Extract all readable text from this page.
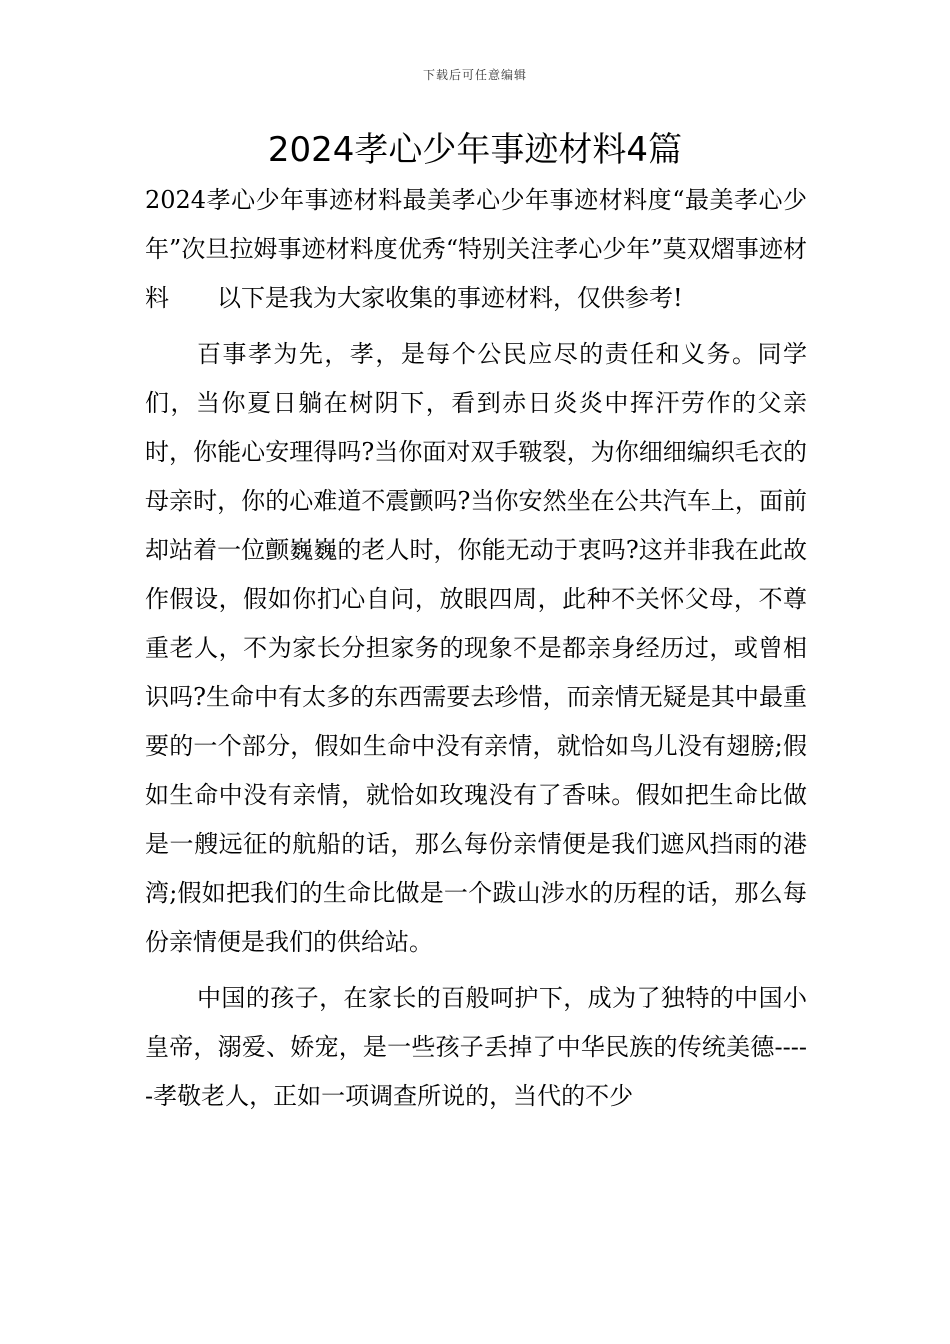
下载后可任意编辑
2024孝心少年事迹材料4篇

2024孝心少年事迹材料最美孝心少年事迹材料度“最美孝心少年”次旦拉姆事迹材料度优秀“特别关注孝心少年”莫双熠事迹材料　　以下是我为大家收集的事迹材料，仅供参考!

百事孝为先，孝，是每个公民应尽的责任和义务。同学们，当你夏日躺在树阴下，看到赤日炎炎中挥汗劳作的父亲时，你能心安理得吗?当你面对双手皲裂，为你细细编织毛衣的母亲时，你的心难道不震颤吗?当你安然坐在公共汽车上，面前却站着一位颤巍巍的老人时，你能无动于衷吗?这并非我在此故作假设，假如你扪心自问，放眼四周，此种不关怀父母，不尊重老人，不为家长分担家务的现象不是都亲身经历过，或曾相识吗?生命中有太多的东西需要去珍惜，而亲情无疑是其中最重要的一个部分，假如生命中没有亲情，就恰如鸟儿没有翅膀;假如生命中没有亲情，就恰如玫瑰没有了香味。假如把生命比做是一艘远征的航船的话，那么每份亲情便是我们遮风挡雨的港湾;假如把我们的生命比做是一个跋山涉水的历程的话，那么每份亲情便是我们的供给站。

中国的孩子，在家长的百般呵护下，成为了独特的中国小皇帝，溺爱、娇宠，是一些孩子丢掉了中华民族的传统美德-----孝敬老人，正如一项调查所说的，当代的不少
